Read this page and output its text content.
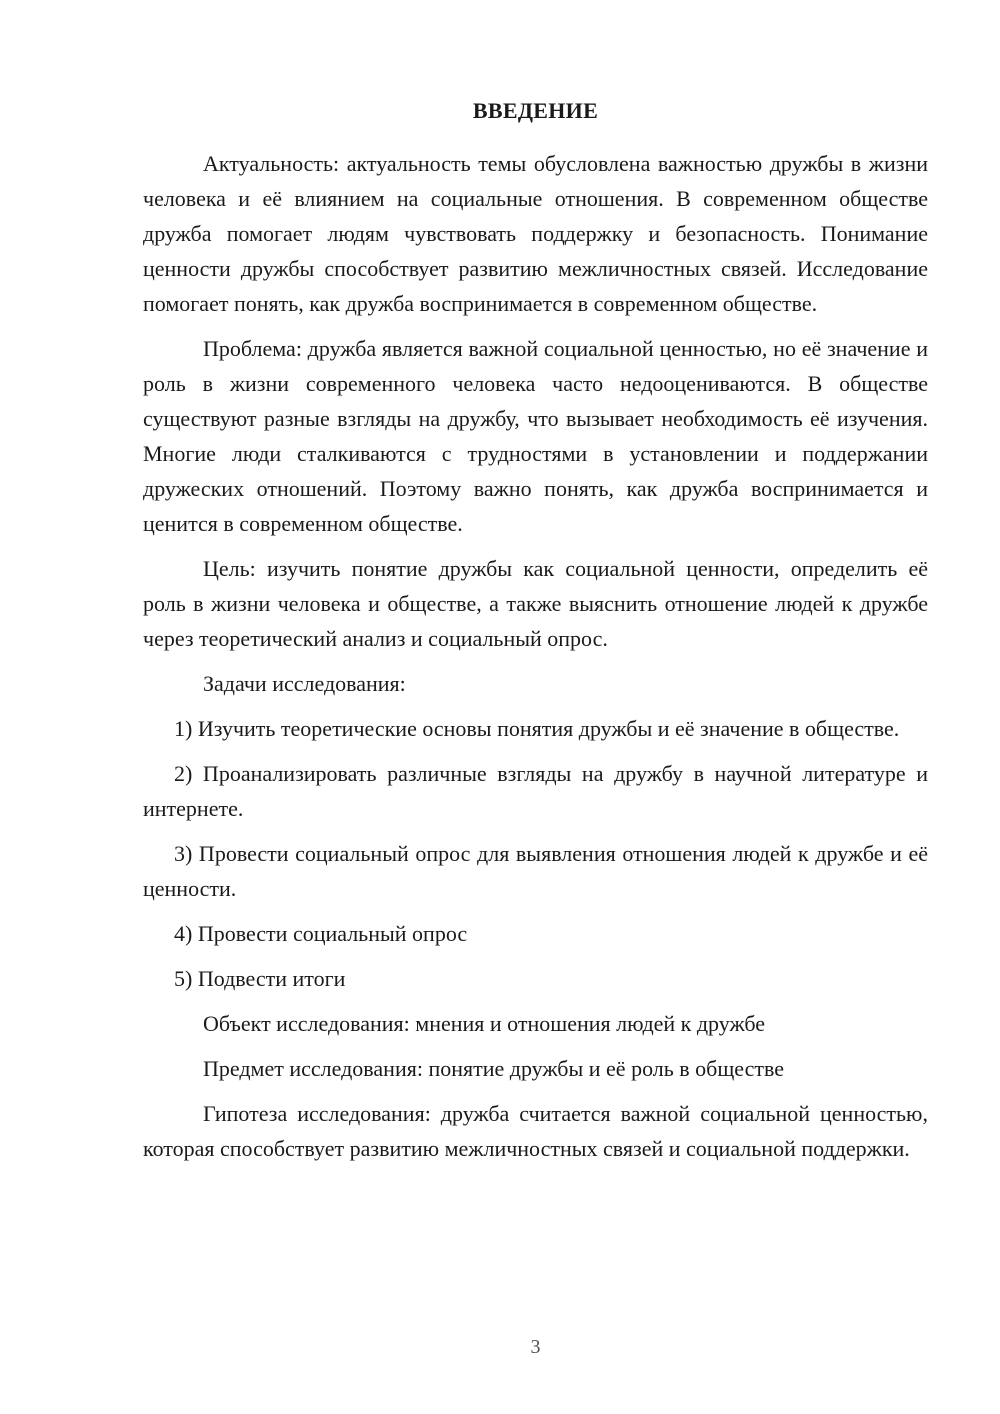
ВВЕДЕНИЕ

Актуальность: актуальность темы обусловлена важностью дружбы в жизни человека и её влиянием на социальные отношения. В современном обществе дружба помогает людям чувствовать поддержку и безопасность. Понимание ценности дружбы способствует развитию межличностных связей. Исследование помогает понять, как дружба воспринимается в современном обществе.

Проблема: дружба является важной социальной ценностью, но её значение и роль в жизни современного человека часто недооцениваются. В обществе существуют разные взгляды на дружбу, что вызывает необходимость её изучения. Многие люди сталкиваются с трудностями в установлении и поддержании дружеских отношений. Поэтому важно понять, как дружба воспринимается и ценится в современном обществе.

Цель: изучить понятие дружбы как социальной ценности, определить её роль в жизни человека и обществе, а также выяснить отношение людей к дружбе через теоретический анализ и социальный опрос.

Задачи исследования:

1) Изучить теоретические основы понятия дружбы и её значение в обществе.

2) Проанализировать различные взгляды на дружбу в научной литературе и интернете.

3) Провести социальный опрос для выявления отношения людей к дружбе и её ценности.

4) Провести социальный опрос

5) Подвести итоги

Объект исследования: мнения и отношения людей к дружбе

Предмет исследования: понятие дружбы и её роль в обществе

Гипотеза исследования: дружба считается важной социальной ценностью, которая способствует развитию межличностных связей и социальной поддержки.

3
